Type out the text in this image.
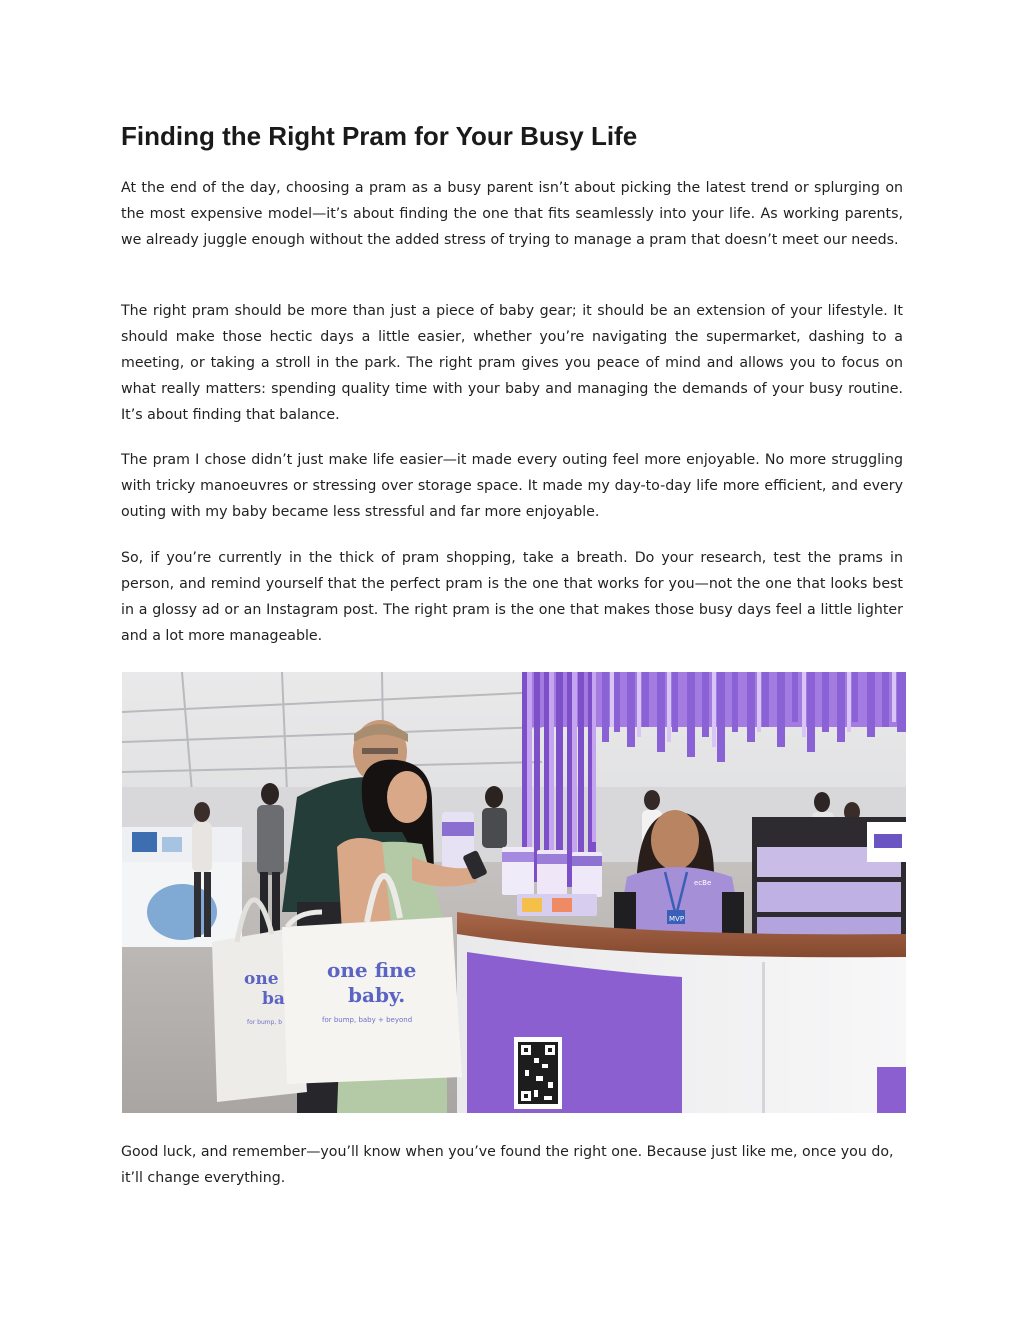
Finding the Right Pram for Your Busy Life

At the end of the day, choosing a pram as a busy parent isn’t about picking the latest trend or splurging on the most expensive model—it’s about finding the one that fits seamlessly into your life. As working parents, we already juggle enough without the added stress of trying to manage a pram that doesn’t meet our needs.

The right pram should be more than just a piece of baby gear; it should be an extension of your lifestyle. It should make those hectic days a little easier, whether you’re navigating the supermarket, dashing to a meeting, or taking a stroll in the park. The right pram gives you peace of mind and allows you to focus on what really matters: spending quality time with your baby and managing the demands of your busy routine. It’s about finding that balance.

The pram I chose didn’t just make life easier—it made every outing feel more enjoyable. No more struggling with tricky manoeuvres or stressing over storage space. It made my day-to-day life more efficient, and every outing with my baby became less stressful and far more enjoyable.

So, if you’re currently in the thick of pram shopping, take a breath. Do your research, test the prams in person, and remind yourself that the perfect pram is the one that works for you—not the one that looks best in a glossy ad or an Instagram post. The right pram is the one that makes those busy days feel a little lighter and a lot more manageable.

MVP
ecBe
one
ba
for bump, b
one fine
baby.
for bump, baby + beyond

Good luck, and remember—you’ll know when you’ve found the right one. Because just like me, once you do, it’ll change everything.
